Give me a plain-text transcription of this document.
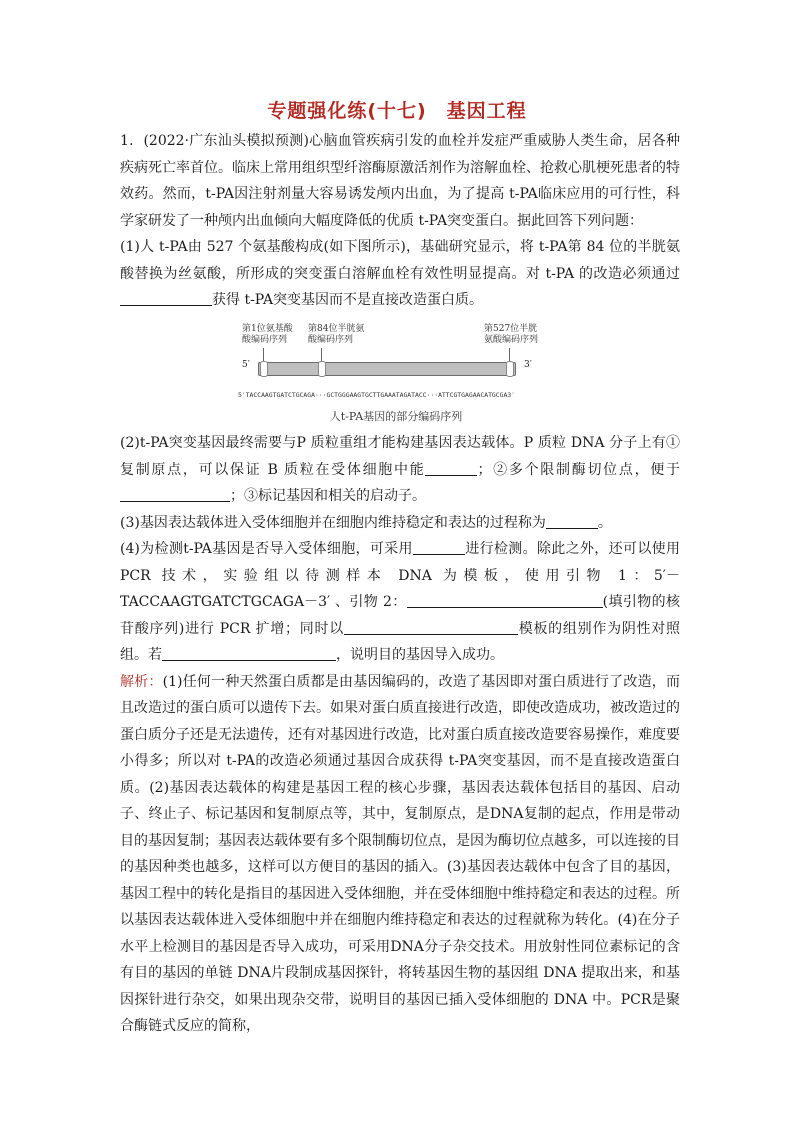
专题强化练(十七)　基因工程

1．(2022·广东汕头模拟预测)心脑血管疾病引发的血栓并发症严重威胁人类生命，居各种疾病死亡率首位。临床上常用组织型纤溶酶原激活剂作为溶解血栓、抢救心肌梗死患者的特效药。然而，t-PA因注射剂量大容易诱发颅内出血，为了提高 t-PA临床应用的可行性，科学家研发了一种颅内出血倾向大幅度降低的优质 t-PA突变蛋白。据此回答下列问题：

(1)人 t-PA由 527 个氨基酸构成(如下图所示)，基础研究显示，将 t-PA第 84 位的半胱氨酸替换为丝氨酸，所形成的突变蛋白溶解血栓有效性明显提高。对 t-PA 的改造必须通过获得 t-PA突变基因而不是直接改造蛋白质。

第1位氨基酸
酸编码序列
第84位半胱氨
酸编码序列
第527位半胱
氨酸编码序列
5′	3′
5′TACCAAGTGATCTGCAGA···GCTGGGAAGTGCTTGAAATAGATACC···ATTCGTGAGAACATGCGA3′
人t-PA基因的部分编码序列

(2)t-PA突变基因最终需要与P 质粒重组才能构建基因表达载体。P 质粒 DNA 分子上有①复制原点，可以保证 B 质粒在受体细胞中能	；②多个限制酶切位点，便于；③标记基因和相关的启动子。

(3)基因表达载体进入受体细胞并在细胞内维持稳定和表达的过程称为	。

(4)为检测t-PA基因是否导入受体细胞，可采用	进行检测。除此之外，还可以使用 PCR 技术，实验组以待测样本 DNA 为模板，使用引物 1：5′－TACCAAGTGATCTGCAGA－3′ 、引物 2：	(填引物的核苷酸序列)进行 PCR 扩增；同时以	模板的组别作为阴性对照组。若	，说明目的基因导入成功。

解析：(1)任何一种天然蛋白质都是由基因编码的，改造了基因即对蛋白质进行了改造，而且改造过的蛋白质可以遗传下去。如果对蛋白质直接进行改造，即使改造成功，被改造过的蛋白质分子还是无法遗传，还有对基因进行改造，比对蛋白质直接改造要容易操作，难度要小得多；所以对 t-PA的改造必须通过基因合成获得 t-PA突变基因，而不是直接改造蛋白质。(2)基因表达载体的构建是基因工程的核心步骤，基因表达载体包括目的基因、启动子、终止子、标记基因和复制原点等，其中，复制原点，是DNA复制的起点，作用是带动目的基因复制；基因表达载体要有多个限制酶切位点，是因为酶切位点越多，可以连接的目的基因种类也越多，这样可以方便目的基因的插入。(3)基因表达载体中包含了目的基因，基因工程中的转化是指目的基因进入受体细胞，并在受体细胞中维持稳定和表达的过程。所以基因表达载体进入受体细胞中并在细胞内维持稳定和表达的过程就称为转化。(4)在分子水平上检测目的基因是否导入成功，可采用DNA分子杂交技术。用放射性同位素标记的含有目的基因的单链 DNA片段制成基因探针，将转基因生物的基因组 DNA 提取出来，和基因探针进行杂交，如果出现杂交带，说明目的基因已插入受体细胞的 DNA 中。PCR是聚合酶链式反应的简称，
